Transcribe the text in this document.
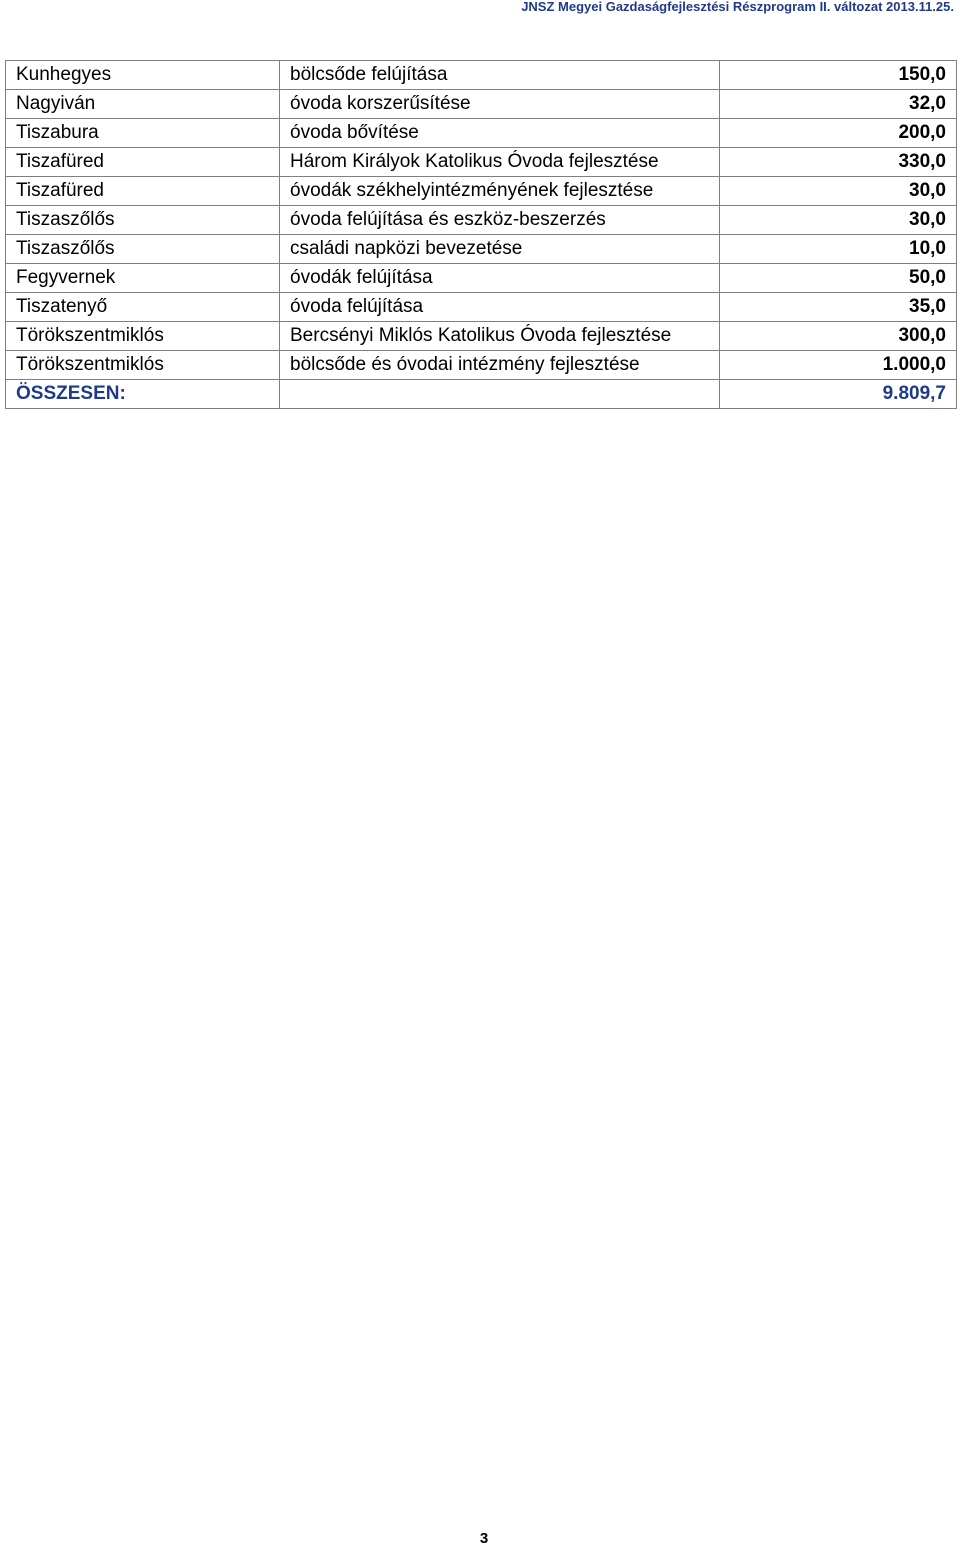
JNSZ Megyei Gazdaságfejlesztési Részprogram II. változat 2013.11.25.
Kunhegyes	bölcsőde felújítása	150,0
Nagyiván	óvoda korszerűsítése	32,0
Tiszabura	óvoda bővítése	200,0
Tiszafüred	Három Királyok Katolikus Óvoda fejlesztése	330,0
Tiszafüred	óvodák székhelyintézményének fejlesztése	30,0
Tiszaszőlős	óvoda felújítása és eszköz-beszerzés	30,0
Tiszaszőlős	családi napközi bevezetése	10,0
Fegyvernek	óvodák felújítása	50,0
Tiszatenyő	óvoda felújítása	35,0
Törökszentmiklós	Bercsényi Miklós Katolikus Óvoda fejlesztése	300,0
Törökszentmiklós	bölcsőde és óvodai intézmény fejlesztése	1.000,0
ÖSSZESEN:		9.809,7
3
